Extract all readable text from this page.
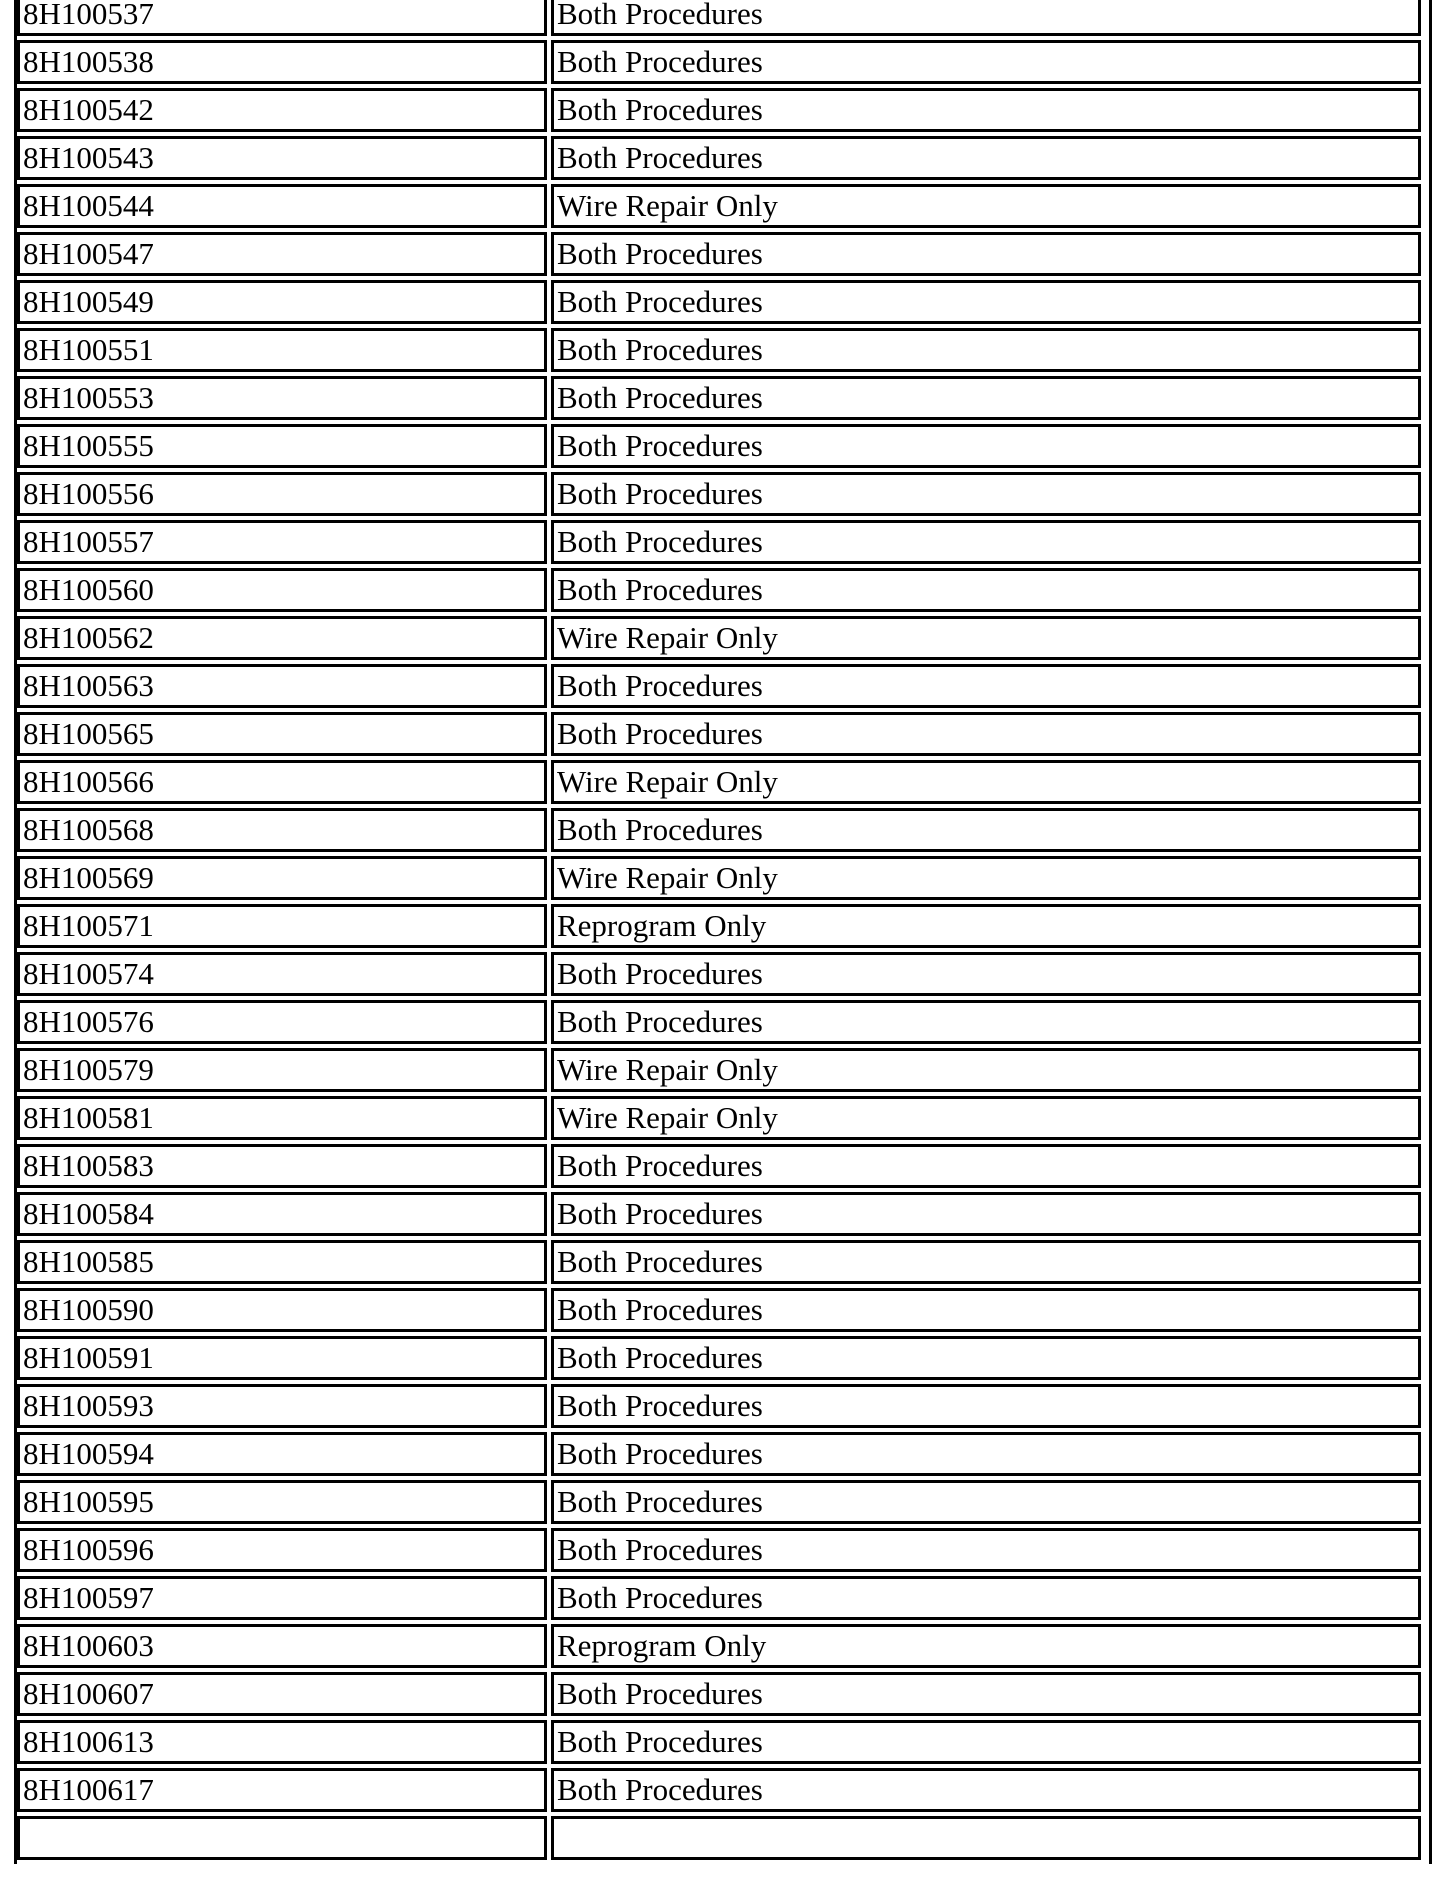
8H100537	Both Procedures
8H100538	Both Procedures
8H100542	Both Procedures
8H100543	Both Procedures
8H100544	Wire Repair Only
8H100547	Both Procedures
8H100549	Both Procedures
8H100551	Both Procedures
8H100553	Both Procedures
8H100555	Both Procedures
8H100556	Both Procedures
8H100557	Both Procedures
8H100560	Both Procedures
8H100562	Wire Repair Only
8H100563	Both Procedures
8H100565	Both Procedures
8H100566	Wire Repair Only
8H100568	Both Procedures
8H100569	Wire Repair Only
8H100571	Reprogram Only
8H100574	Both Procedures
8H100576	Both Procedures
8H100579	Wire Repair Only
8H100581	Wire Repair Only
8H100583	Both Procedures
8H100584	Both Procedures
8H100585	Both Procedures
8H100590	Both Procedures
8H100591	Both Procedures
8H100593	Both Procedures
8H100594	Both Procedures
8H100595	Both Procedures
8H100596	Both Procedures
8H100597	Both Procedures
8H100603	Reprogram Only
8H100607	Both Procedures
8H100613	Both Procedures
8H100617	Both Procedures
